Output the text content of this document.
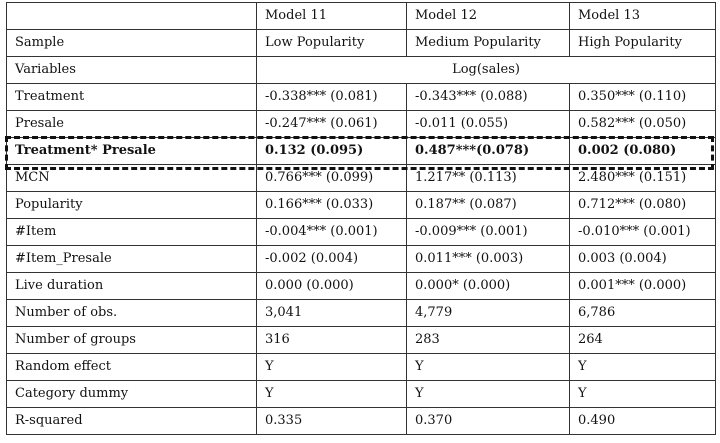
	Model 11	Model 12	Model 13
Sample	Low Popularity	Medium Popularity	High Popularity
Variables	Log(sales)		
Treatment	-0.338*** (0.081)	-0.343*** (0.088)	0.350*** (0.110)
Presale	-0.247*** (0.061)	-0.011 (0.055)	0.582*** (0.050)
Treatment* Presale	0.132 (0.095)	0.487***(0.078)	0.002 (0.080)
MCN	0.766*** (0.099)	1.217** (0.113)	2.480*** (0.151)
Popularity	0.166*** (0.033)	0.187** (0.087)	0.712*** (0.080)
#Item	-0.004*** (0.001)	-0.009*** (0.001)	-0.010*** (0.001)
#Item_Presale	-0.002 (0.004)	0.011*** (0.003)	0.003 (0.004)
Live duration	0.000 (0.000)	0.000* (0.000)	0.001*** (0.000)
Number of obs.	3,041	4,779	6,786
Number of groups	316	283	264
Random effect	Y	Y	Y
Category dummy	Y	Y	Y
R-squared	0.335	0.370	0.490
